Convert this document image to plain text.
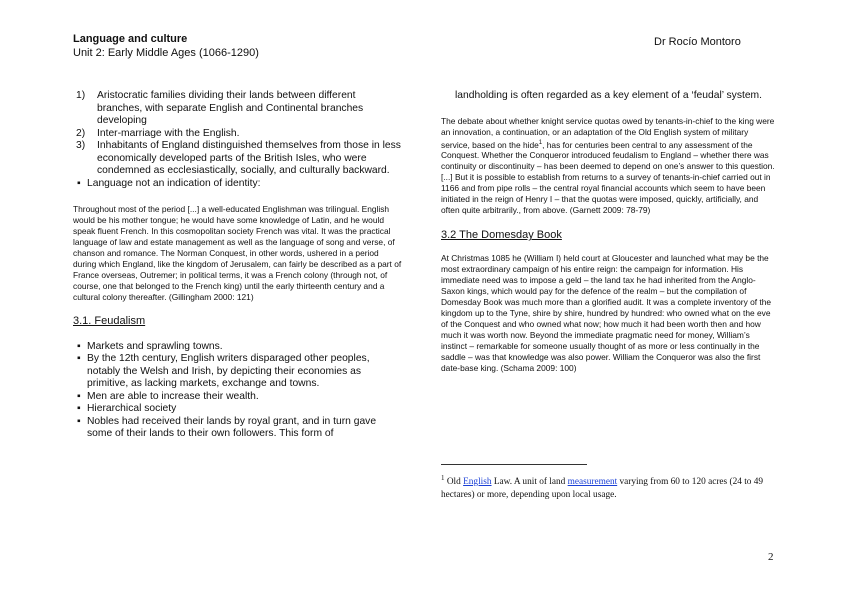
Language and culture
Unit 2: Early Middle Ages (1066-1290)
Dr Rocío Montoro
1) Aristocratic families dividing their lands between different branches, with separate English and Continental branches developing
2) Inter-marriage with the English.
3) Inhabitants of England distinguished themselves from those in less economically developed parts of the British Isles, who were condemned as ecclesiastically, socially, and culturally backward.
▪ Language not an indication of identity:

Throughout most of the period [...] a well-educated Englishman was trilingual. English would be his mother tongue; he would have some knowledge of Latin, and he would speak fluent French. In this cosmopolitan society French was vital. It was the practical language of law and estate management as well as the language of song and verse, of chanson and romance. The Norman Conquest, in other words, ushered in a period during which England, like the kingdom of Jerusalem, can fairly be described as a part of France overseas, Outremer; in political terms, it was a French colony (through not, of course, one that belonged to the French king) until the early thirteenth century and a cultural colony thereafter. (Gillingham 2000: 121)

3.1. Feudalism
▪ Markets and sprawling towns.
▪ By the 12th century, English writers disparaged other peoples, notably the Welsh and Irish, by depicting their economies as primitive, as lacking markets, exchange and towns.
▪ Men are able to increase their wealth.
▪ Hierarchical society
▪ Nobles had received their lands by royal grant, and in turn gave some of their lands to their own followers. This form of
landholding is often regarded as a key element of a ‘feudal’ system.

The debate about whether knight service quotas owed by tenants-in-chief to the king were an innovation, a continuation, or an adaptation of the Old English system of military service, based on the hide$^1$, has for centuries been central to any assessment of the Conquest. Whether the Conqueror introduced feudalism to England – whether there was continuity or discontinuity – has been deemed to depend on one’s answer to this question. [...] But it is possible to establish from returns to a survey of tenants-in-chief carried out in 1166 and from pipe rolls – the central royal financial accounts which seem to have been initiated in the reign of Henry I – that the quotas were imposed, quickly, artificially, and often quite arbitrarily., from above. (Garnett 2009: 78-79)

3.2 The Domesday Book

At Christmas 1085 he (William I) held court at Gloucester and launched what may be the most extraordinary campaign of his entire reign: the campaign for information. His immediate need was to impose a geld – the land tax he had inherited from the Anglo-Saxon kings, which would pay for the defence of the realm – but the compilation of Domesday Book was much more than a glorified audit. It was a complete inventory of the kingdom up to the Tyne, shire by shire, hundred by hundred: who owned what on the eve of the Conquest and who owned what now; how much it had been worth then and how much it was worth now. Beyond the immediate pragmatic need for money, William’s instinct – remarkable for someone usually thought of as more or less continually in the saddle – was that knowledge was also power. William the Conqueror was also the first date-base king. (Schama 2009: 100)

$^1$ Old English Law. A unit of land measurement varying from 60 to 120 acres (24 to 49 hectares) or more, depending upon local usage.
2
